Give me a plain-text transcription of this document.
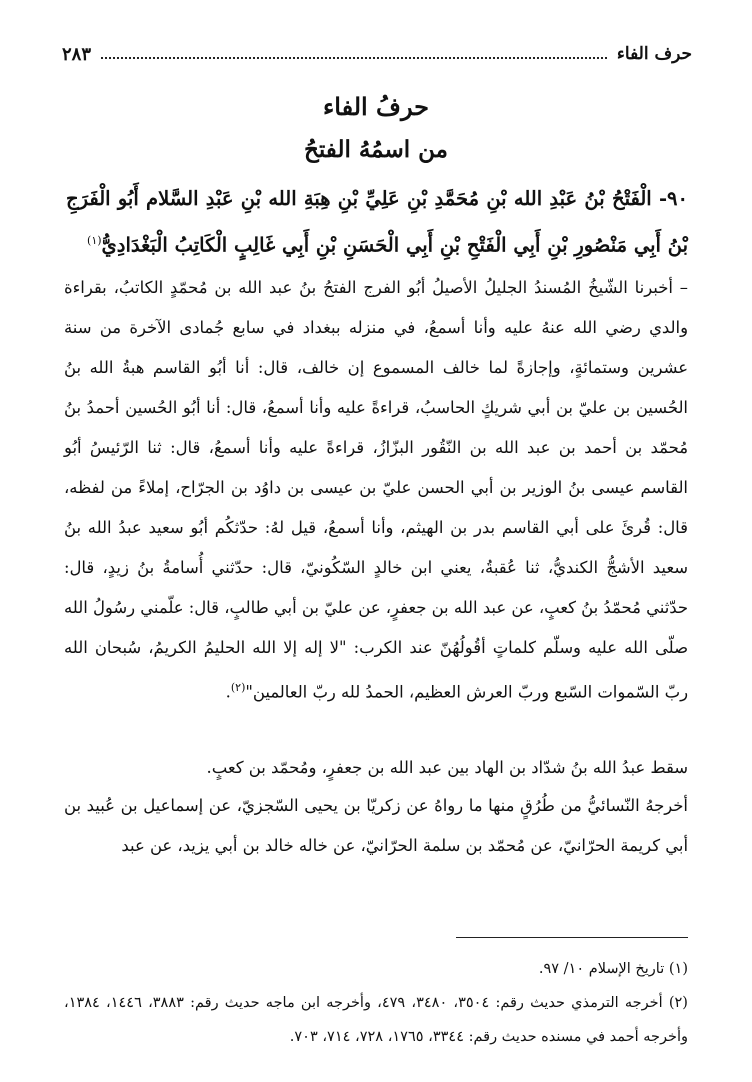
حرف الفاء
٢٨٣
حرفُ الفاء
من اسمُهُ الفتحُ
٩٠- الْفَتْحُ بْنُ عَبْدِ الله بْنِ مُحَمَّدِ بْنِ عَلِيِّ بْنِ هِبَةِ الله بْنِ عَبْدِ السَّلام أَبُو الْفَرَجِ بْنُ أَبِي مَنْصُورِ بْنِ أَبِي الْفَتْحِ بْنِ أَبِي الْحَسَنِ بْنِ أَبِي غَالِبٍ الْكَاتِبُ الْبَغْدَادِيُّ$^{(١)}$
– أخبرنا الشّيخُ المُسندُ الجليلُ الأصيلُ أبُو الفرج الفتحُ بنُ عبد الله بن مُحمّدٍ الكاتبُ، بقراءة والدي رضي الله عنهُ عليه وأنا أسمعُ، في منزله ببغداد في سابع جُمادى الآخرة من سنة عشرين وستمائةٍ، وإجازةً لما خالف المسموع إن خالف، قال: أنا أبُو القاسم هبةُ الله بنُ الحُسين بن عليّ بن أبي شريكٍ الحاسبُ، قراءةً عليه وأنا أسمعُ، قال: أنا أبُو الحُسين أحمدُ بنُ مُحمّد بن أحمد بن عبد الله بن النّقُور البزّازُ، قراءةً عليه وأنا أسمعُ، قال: ثنا الرّئيسُ أبُو القاسم عيسى بنُ الوزير بن أبي الحسن عليّ بن عيسى بن داوُد بن الجرّاح، إملاءً من لفظه، قال: قُرئَ على أبي القاسم بدر بن الهيثم، وأنا أسمعُ، قيل لهُ: حدّثكُم أبُو سعيد عبدُ الله بنُ سعيد الأشجُّ الكنديُّ، ثنا عُقبةُ، يعني ابن خالدٍ السّكُونيّ، قال: حدّثني أُسامةُ بنُ زيدٍ، قال: حدّثني مُحمّدُ بنُ كعبٍ، عن عبد الله بن جعفرٍ، عن عليّ بن أبي طالبٍ، قال: علّمني رسُولُ الله صلّى الله عليه وسلّم كلماتٍ أقُولُهُنّ عند الكرب: "لا إله إلا الله الحليمُ الكريمُ، سُبحان الله ربّ السّموات السّبع وربّ العرش العظيم، الحمدُ لله ربّ العالمين"$^{(٢)}$.
سقط عبدُ الله بنُ شدّاد بن الهاد بين عبد الله بن جعفرٍ، ومُحمّد بن كعبٍ.
أخرجهُ النّسائيُّ من طُرُقٍ منها ما رواهُ عن زكريّا بن يحيى السّجزيّ، عن إسماعيل بن عُبيد بن أبي كريمة الحرّانيّ، عن مُحمّد بن سلمة الحرّانيّ، عن خاله خالد بن أبي يزيد، عن عبد

(١) تاريخ الإسلام ١٠/ ٩٧.

(٢) أخرجه الترمذي حديث رقم: ٣٥٠٤، ٣٤٨٠، ٤٧٩، وأخرجه ابن ماجه حديث رقم: ٣٨٨٣، ١٤٤٦، ١٣٨٤، وأخرجه أحمد في مسنده حديث رقم: ٣٣٤٤، ١٧٦٥، ٧٢٨، ٧١٤، ٧٠٣.
